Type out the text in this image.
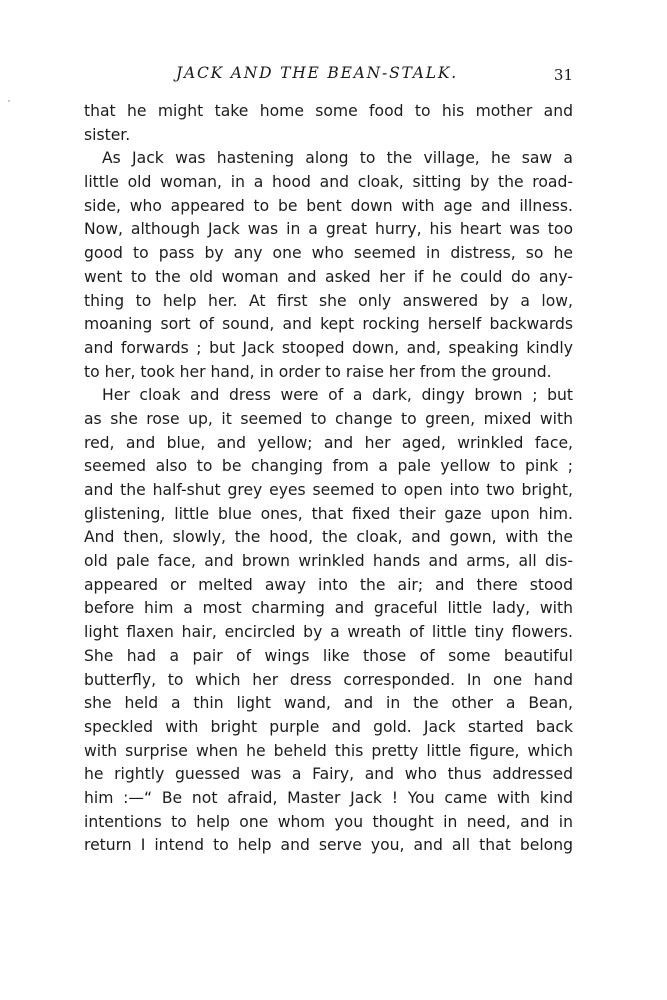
JACK AND THE BEAN-STALK.	31
that he might take home some food to his mother and
sister.
As Jack was hastening along to the village, he saw a
little old woman, in a hood and cloak, sitting by the road-
side, who appeared to be bent down with age and illness.
Now, although Jack was in a great hurry, his heart was too
good to pass by any one who seemed in distress, so he
went to the old woman and asked her if he could do any-
thing to help her. At first she only answered by a low,
moaning sort of sound, and kept rocking herself backwards
and forwards ; but Jack stooped down, and, speaking kindly
to her, took her hand, in order to raise her from the ground.
Her cloak and dress were of a dark, dingy brown ; but
as she rose up, it seemed to change to green, mixed with
red, and blue, and yellow; and her aged, wrinkled face,
seemed also to be changing from a pale yellow to pink ;
and the half-shut grey eyes seemed to open into two bright,
glistening, little blue ones, that fixed their gaze upon him.
And then, slowly, the hood, the cloak, and gown, with the
old pale face, and brown wrinkled hands and arms, all dis-
appeared or melted away into the air; and there stood
before him a most charming and graceful little lady, with
light flaxen hair, encircled by a wreath of little tiny flowers.
She had a pair of wings like those of some beautiful
butterfly, to which her dress corresponded. In one hand
she held a thin light wand, and in the other a Bean,
speckled with bright purple and gold. Jack started back
with surprise when he beheld this pretty little figure, which
he rightly guessed was a Fairy, and who thus addressed
him :—“ Be not afraid, Master Jack ! You came with kind
intentions to help one whom you thought in need, and in
return I intend to help and serve you, and all that belong
